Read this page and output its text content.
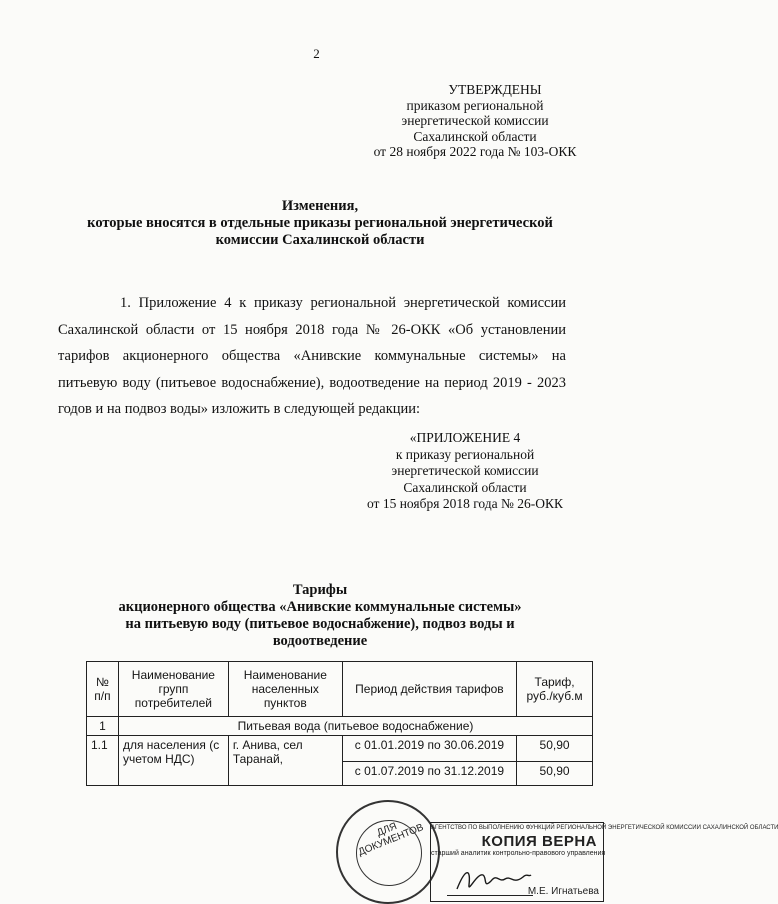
2
УТВЕРЖДЕНЫ
приказом региональной
энергетической комиссии
Сахалинской области
от 28 ноября 2022 года № 103-ОКК
Изменения,
которые вносятся в отдельные приказы региональной энергетической
комиссии Сахалинской области
1. Приложение 4 к приказу региональной энергетической комиссии Сахалинской области от 15 ноября 2018 года № 26-ОКК «Об установлении тарифов акционерного общества «Анивские коммунальные системы» на питьевую воду (питьевое водоснабжение), водоотведение на период 2019 - 2023 годов и на подвоз воды» изложить в следующей редакции:
«ПРИЛОЖЕНИЕ 4
к приказу региональной
энергетической комиссии
Сахалинской области
от 15 ноября 2018 года № 26-ОКК
Тарифы
акционерного общества «Анивские коммунальные системы»
на питьевую воду (питьевое водоснабжение), подвоз воды и
водоотведение
№ п/п	Наименование групп потребителей	Наименование населенных пунктов	Период действия тарифов	Тариф, руб./куб.м
1	Питьевая вода (питьевое водоснабжение)			
1.1	для населения (с учетом НДС)	г. Анива, сел Таранай,	с 01.01.2019 по 30.06.2019	50,90
			с 01.07.2019 по 31.12.2019	50,90
ДЛЯ ДОКУМЕНТОВ АГЕНТСТВО ПО ВЫПОЛНЕНИЮ ФУНКЦИЙ РЕГИОНАЛЬНОЙ ЭНЕРГЕТИЧЕСКОЙ КОМИССИИ САХАЛИНСКОЙ ОБЛАСТИ
КОПИЯ ВЕРНА
старший аналитик контрольно-правового управления
М.Е. Игнатьева
